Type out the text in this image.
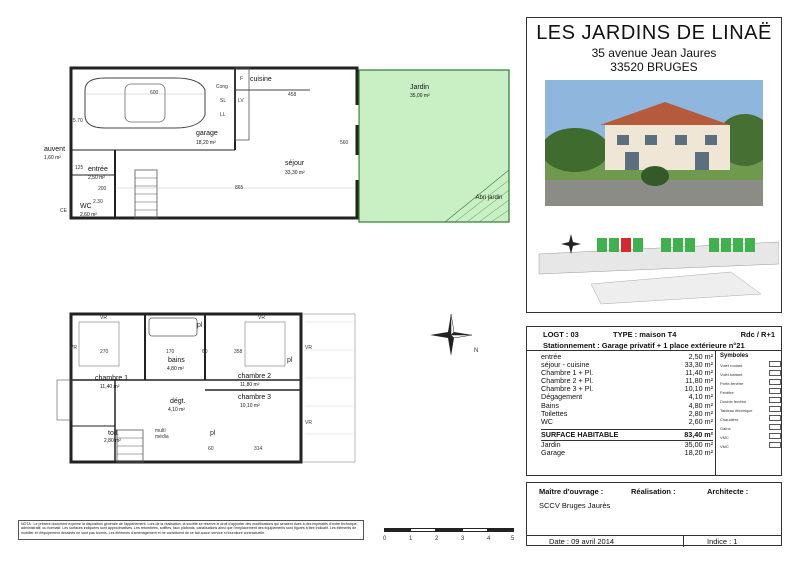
cuisine
garage
18,20 m²
séjour
33,30 m²
entrée
2,50 m²
auvent
1,60 m²
WC
2,60 m²
Jardin
35,00 m²
Abri jardin
600	458
865
560
200
125
2.30
5.70
F
Cong
SL LV
LL
CE
chambre 1
11,40 m²
bains
4,80 m²
chambre 2
11,80 m²
dégt.
4,10 m²
chambre 3
10,10 m²
toil.
2,80 m²
270	170	60	358
314
60
pl
pl
pl
VR	VR
VR	VR
VR
multi média
N
NOTA : Le présent document exprime la disposition générale de l'appartement. Lors de la réalisation, la société se réserve le droit d'apporter des modifications qui seraient dues à des impératifs d'ordre technique, administratif, ou normatif. Les surfaces indiquées sont approximatives. Les retombées, soffites, faux plafonds, canalisations ainsi que l'emplacement des équipements sont figurés à titre indicatif. Les éléments de mobilier et d'équipement dessinés ne sont pas fournis. Les éléments d'aménagement et ne constituent de ce fait aucun service ni fourniture contractuelle.
0	1	2	3	4	5
LES JARDINS DE LINAË
35 avenue Jean Jaures
33520 BRUGES
LOGT : 03	TYPE : maison T4	Rdc / R+1
Stationnement : Garage privatif + 1 place extérieure n°21
entrée	2,50 m²
séjour - cuisine	33,30 m²
Chambre 1 + Pl.	11,40 m²
Chambre 2 + Pl.	11,80 m²
Chambre 3 + Pl.	10,10 m²
Dégagement	4,10 m²
Bains	4,80 m²
Toilettes	2,80 m²
WC	2,60 m²
SURFACE HABITABLE	83,40 m²
Jardin	35,00 m²
Garage	18,20 m²
Symboles
Volet roulant
Volet battant
Porte-fenêtre
Fenêtre
Double fenêtre
Tableau électrique
Chaudière
Gaine
VMC
VMC
Maître d'ouvrage :	Réalisation :	Architecte :
SCCV Bruges Jaurès
Date : 09 avril 2014	Indice : 1
